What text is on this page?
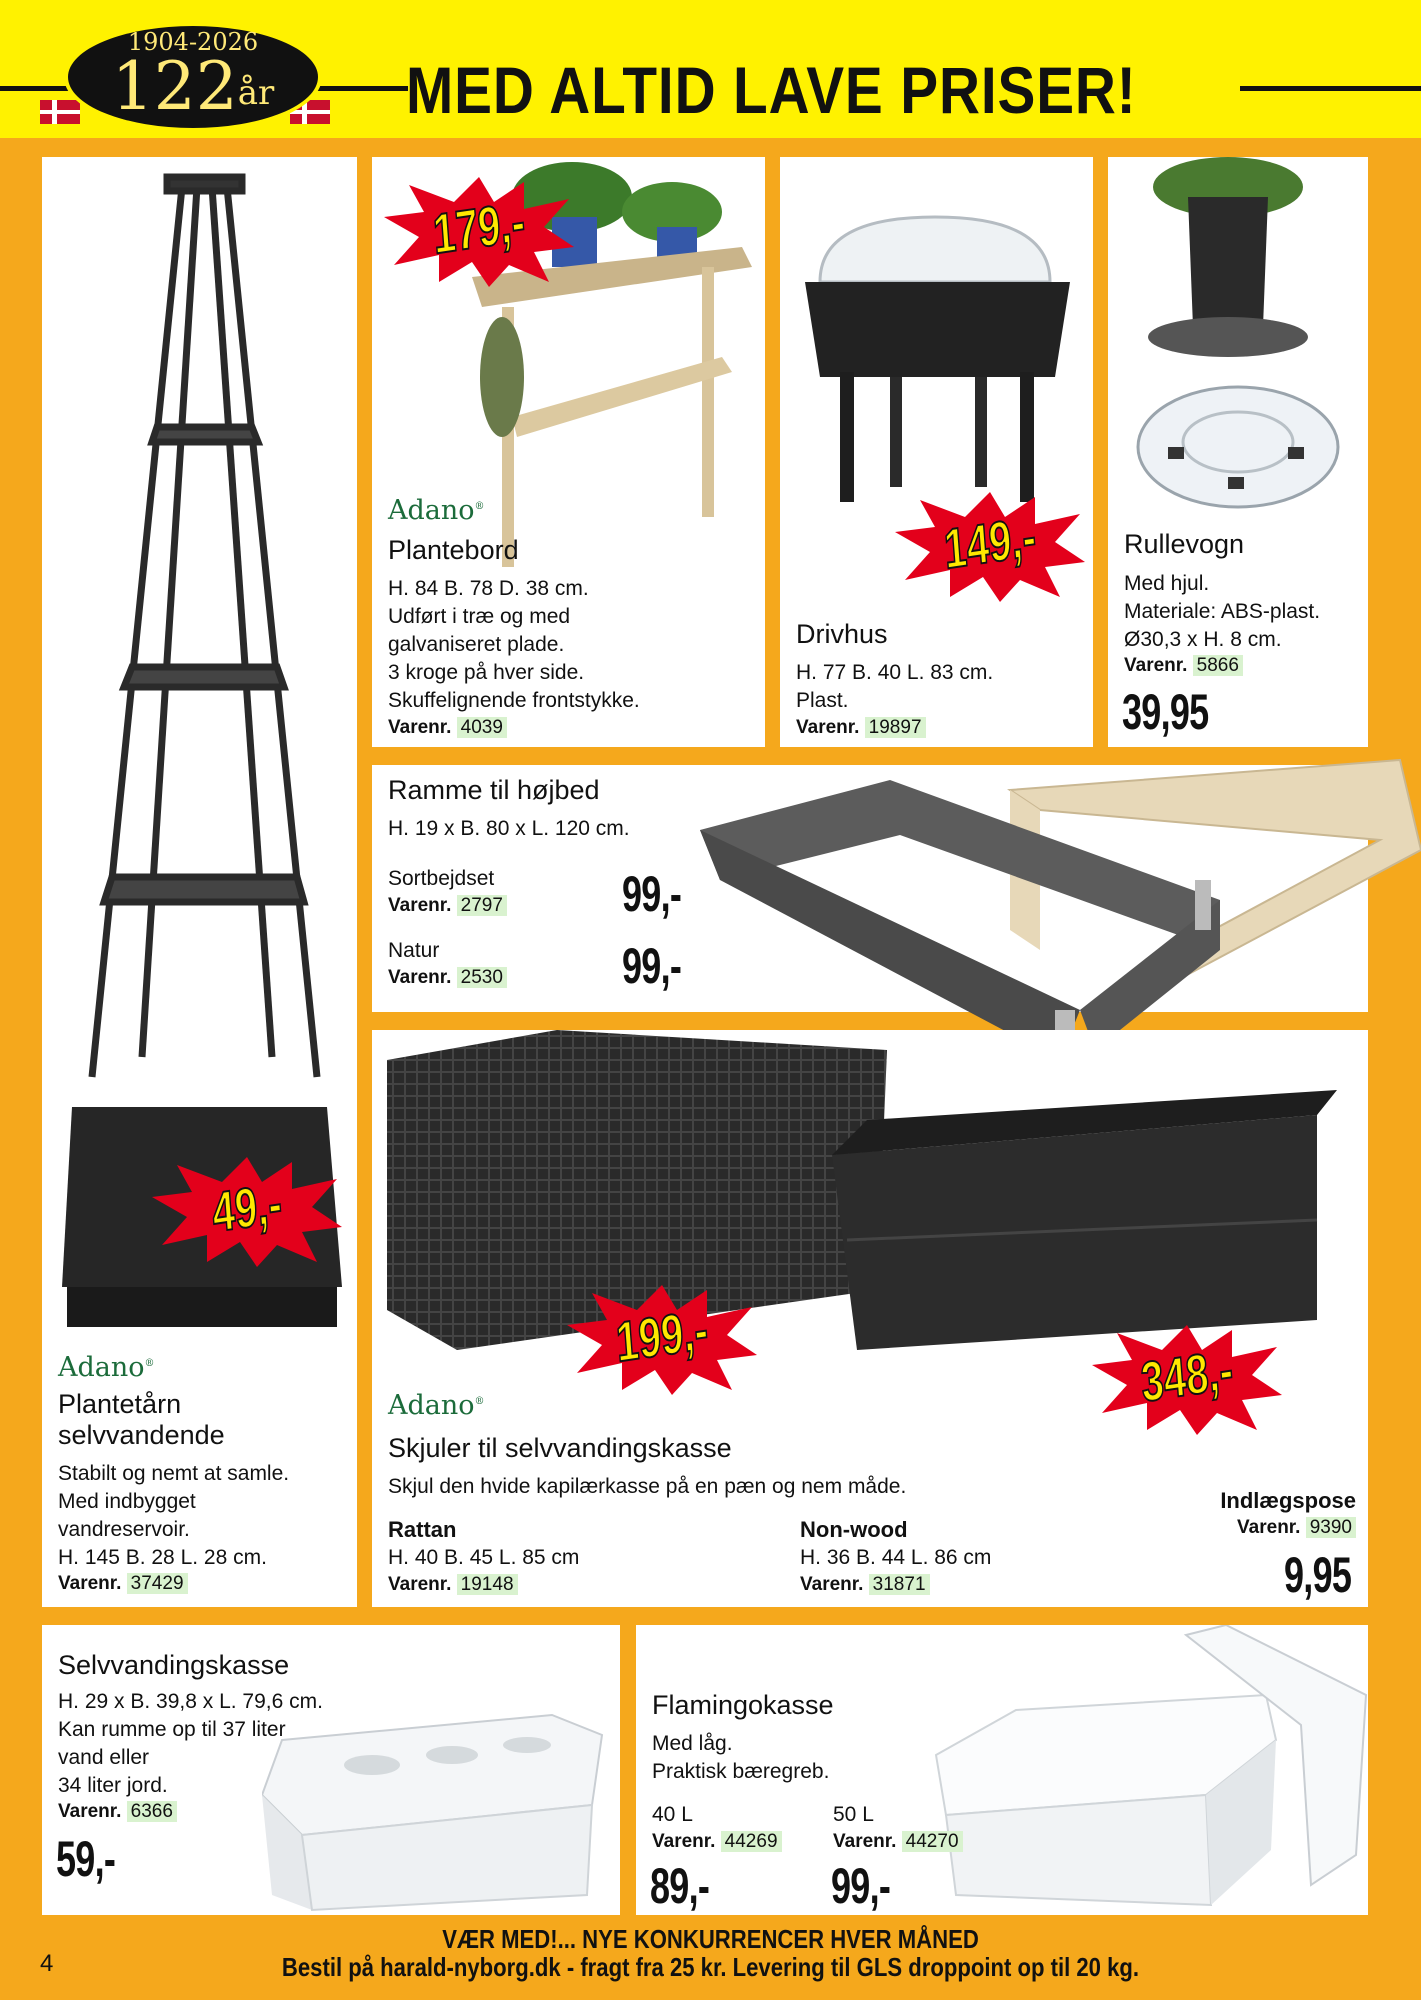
MED ALTID LAVE PRISER!
1904-2026
$122^{år}$
49,-
Adano®
Plantetårn
selvvandende
Stabilt og nemt at samle.
Med indbygget
vandreservoir.
H. 145 B. 28 L. 28 cm.
Varenr. 37429
179,-
Adano®
Plantebord
H. 84 B. 78 D. 38 cm.
Udført i træ og med
galvaniseret plade.
3 kroge på hver side.
Skuffelignende frontstykke.
Varenr. 4039
149,-
Drivhus
H. 77 B. 40 L. 83 cm.
Plast.
Varenr. 19897
Rullevogn
Med hjul.
Materiale: ABS-plast.
Ø30,3 x H. 8 cm.
Varenr. 5866
39,95
Ramme til højbed
H. 19 x B. 80 x L. 120 cm.
Sortbejdset
Varenr. 2797 99,-
Natur
Varenr. 2530 99,-
199,-
348,-
Adano®
Skjuler til selvvandingskasse
Skjul den hvide kapilærkasse på en pæn og nem måde.
Rattan
H. 40 B. 45 L. 85 cm
Varenr. 19148
Non-wood
H. 36 B. 44 L. 86 cm
Varenr. 31871
Indlægspose
Varenr. 9390
9,95
Selvvandingskasse
H. 29 x B. 39,8 x L. 79,6 cm.
Kan rumme op til 37 liter
vand eller
34 liter jord.
Varenr. 6366
59,-
Flamingokasse
Med låg.
Praktisk bæregreb.
40 L
Varenr. 44269
89,-
50 L
Varenr. 44270
99,-
VÆR MED!... NYE KONKURRENCER HVER MÅNED
Bestil på harald-nyborg.dk - fragt fra 25 kr. Levering til GLS droppoint op til 20 kg.
4
